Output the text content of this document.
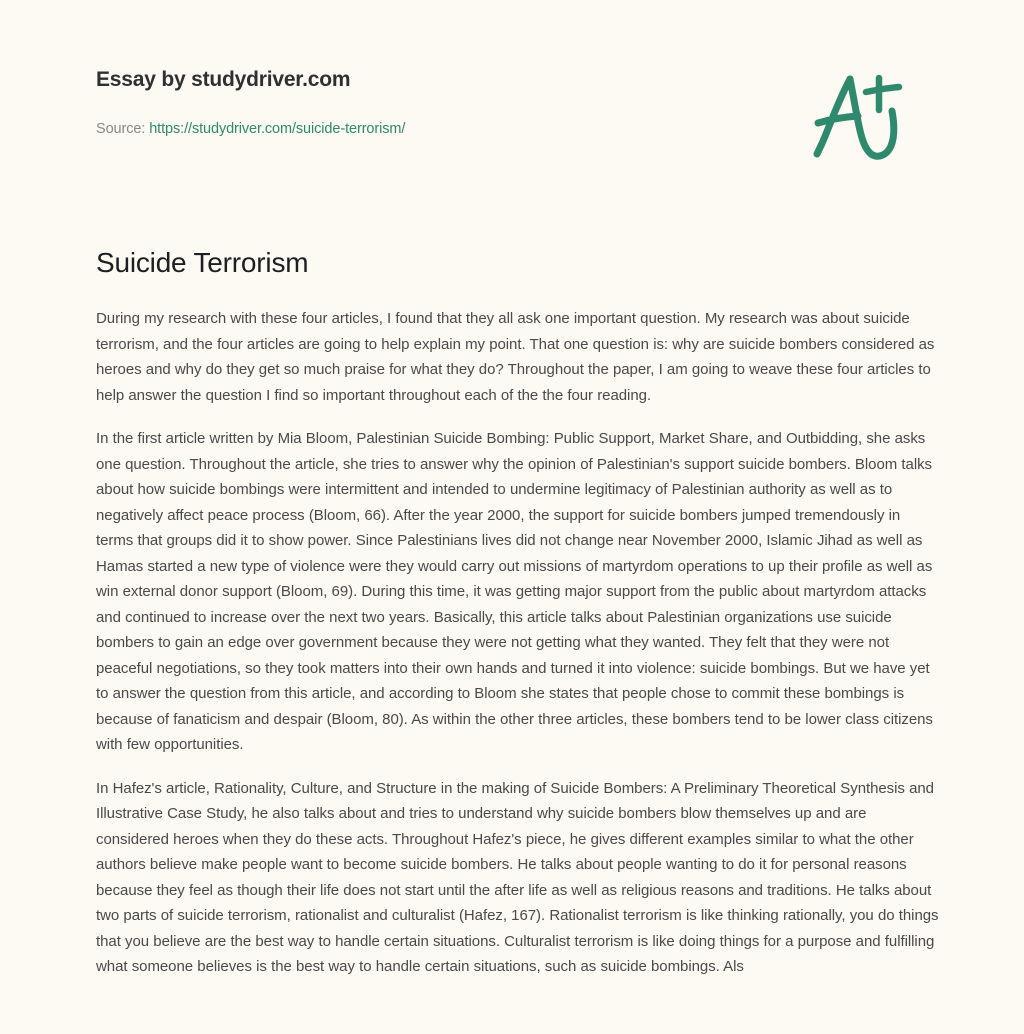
Essay by studydriver.com
Source: https://studydriver.com/suicide-terrorism/
Suicide Terrorism

During my research with these four articles, I found that they all ask one important question. My research was about suicide terrorism, and the four articles are going to help explain my point. That one question is: why are suicide bombers considered as heroes and why do they get so much praise for what they do? Throughout the paper, I am going to weave these four articles to help answer the question I find so important throughout each of the the four reading.

In the first article written by Mia Bloom, Palestinian Suicide Bombing: Public Support, Market Share, and Outbidding, she asks one question. Throughout the article, she tries to answer why the opinion of Palestinian's support suicide bombers. Bloom talks about how suicide bombings were intermittent and intended to undermine legitimacy of Palestinian authority as well as to negatively affect peace process (Bloom, 66). After the year 2000, the support for suicide bombers jumped tremendously in terms that groups did it to show power. Since Palestinians lives did not change near November 2000, Islamic Jihad as well as Hamas started a new type of violence were they would carry out missions of martyrdom operations to up their profile as well as win external donor support (Bloom, 69). During this time, it was getting major support from the public about martyrdom attacks and continued to increase over the next two years. Basically, this article talks about Palestinian organizations use suicide bombers to gain an edge over government because they were not getting what they wanted. They felt that they were not peaceful negotiations, so they took matters into their own hands and turned it into violence: suicide bombings. But we have yet to answer the question from this article, and according to Bloom she states that people chose to commit these bombings is because of fanaticism and despair (Bloom, 80). As within the other three articles, these bombers tend to be lower class citizens with few opportunities.

In Hafez's article, Rationality, Culture, and Structure in the making of Suicide Bombers: A Preliminary Theoretical Synthesis and Illustrative Case Study, he also talks about and tries to understand why suicide bombers blow themselves up and are considered heroes when they do these acts. Throughout Hafez's piece, he gives different examples similar to what the other authors believe make people want to become suicide bombers. He talks about people wanting to do it for personal reasons because they feel as though their life does not start until the after life as well as religious reasons and traditions. He talks about two parts of suicide terrorism, rationalist and culturalist (Hafez, 167). Rationalist terrorism is like thinking rationally, you do things that you believe are the best way to handle certain situations. Culturalist terrorism is like doing things for a purpose and fulfilling what someone believes is the best way to handle certain situations, such as suicide bombings. Als
